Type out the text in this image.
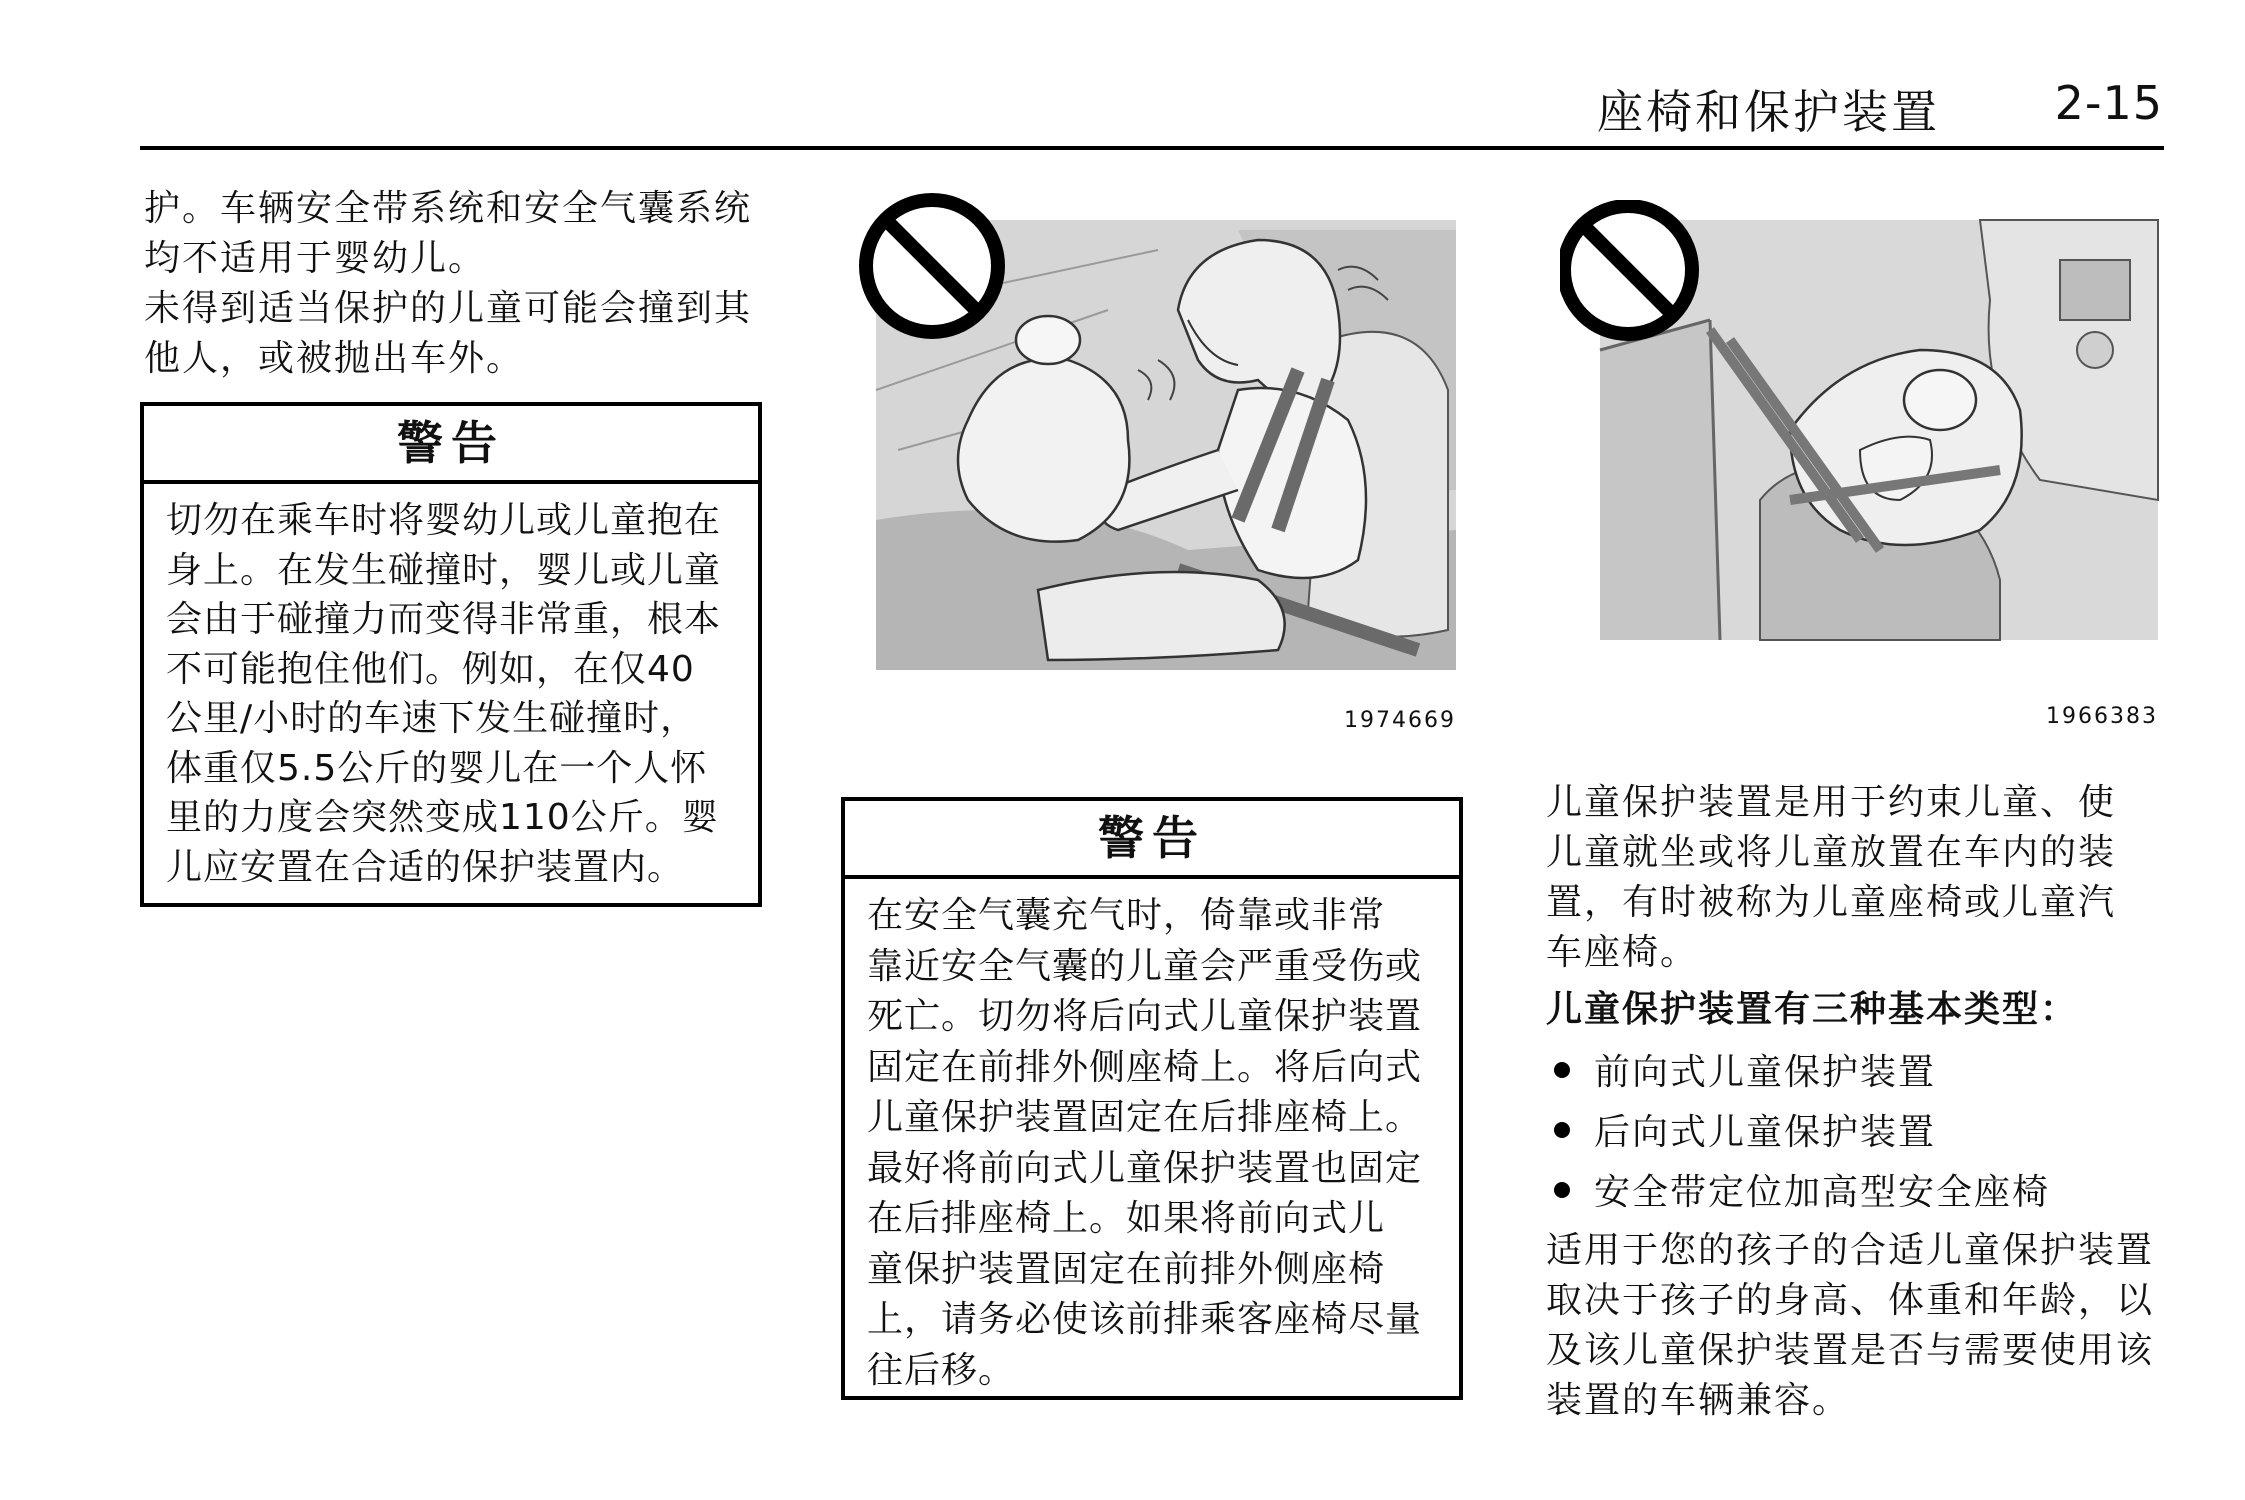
座椅和保护装置 2-15
护。车辆安全带系统和安全气囊系统
均不适用于婴幼儿。
未得到适当保护的儿童可能会撞到其
他人，或被抛出车外。
警告
切勿在乘车时将婴幼儿或儿童抱在
身上。在发生碰撞时，婴儿或儿童
会由于碰撞力而变得非常重，根本
不可能抱住他们。例如，在仅40
公里/小时的车速下发生碰撞时，
体重仅5.5公斤的婴儿在一个人怀
里的力度会突然变成110公斤。婴
儿应安置在合适的保护装置内。
1974669	1966383
警告
在安全气囊充气时，倚靠或非常
靠近安全气囊的儿童会严重受伤或
死亡。切勿将后向式儿童保护装置
固定在前排外侧座椅上。将后向式
儿童保护装置固定在后排座椅上。
最好将前向式儿童保护装置也固定
在后排座椅上。如果将前向式儿
童保护装置固定在前排外侧座椅
上，请务必使该前排乘客座椅尽量
往后移。
儿童保护装置是用于约束儿童、使
儿童就坐或将儿童放置在车内的装
置，有时被称为儿童座椅或儿童汽
车座椅。
儿童保护装置有三种基本类型：
前向式儿童保护装置
后向式儿童保护装置
安全带定位加高型安全座椅
适用于您的孩子的合适儿童保护装置
取决于孩子的身高、体重和年龄，以
及该儿童保护装置是否与需要使用该
装置的车辆兼容。
